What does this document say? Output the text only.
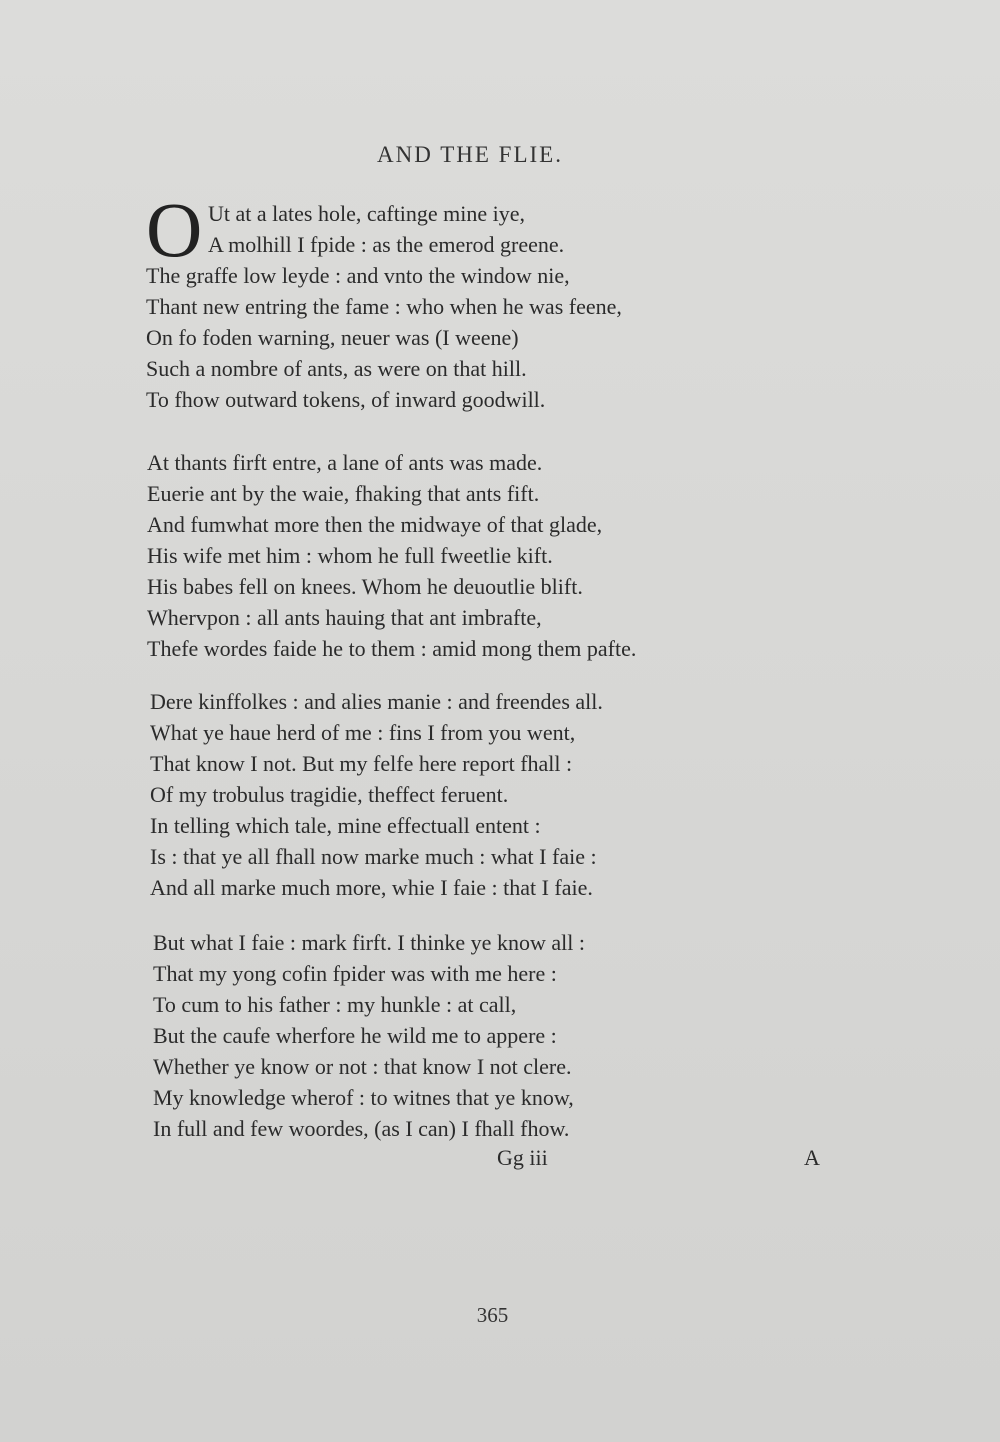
AND THE FLIE.
O Ut at a lates hole, caftinge mine iye,
A molhill I fpide : as the emerod greene.
The graffe low leyde : and vnto the window nie,
Thant new entring the fame : who when he was feene,
On fo foden warning, neuer was (I weene)
Such a nombre of ants, as were on that hill.
To fhow outward tokens, of inward goodwill.
At thants firft entre, a lane of ants was made.
Euerie ant by the waie, fhaking that ants fift.
And fumwhat more then the midwaye of that glade,
His wife met him : whom he full fweetlie kift.
His babes fell on knees. Whom he deuoutlie blift.
Whervpon : all ants hauing that ant imbrafte,
Thefe wordes faide he to them : amid mong them pafte.
Dere kinffolkes : and alies manie : and freendes all.
What ye haue herd of me : fins I from you went,
That know I not. But my felfe here report fhall :
Of my trobulus tragidie, theffect feruent.
In telling which tale, mine effectuall entent :
Is : that ye all fhall now marke much : what I faie :
And all marke much more, whie I faie : that I faie.
But what I faie : mark firft. I thinke ye know all :
That my yong cofin fpider was with me here :
To cum to his father : my hunkle : at call,
But the caufe wherfore he wild me to appere :
Whether ye know or not : that know I not clere.
My knowledge wherof : to witnes that ye know,
In full and few woordes, (as I can) I fhall fhow.
Gg iii	A
365
